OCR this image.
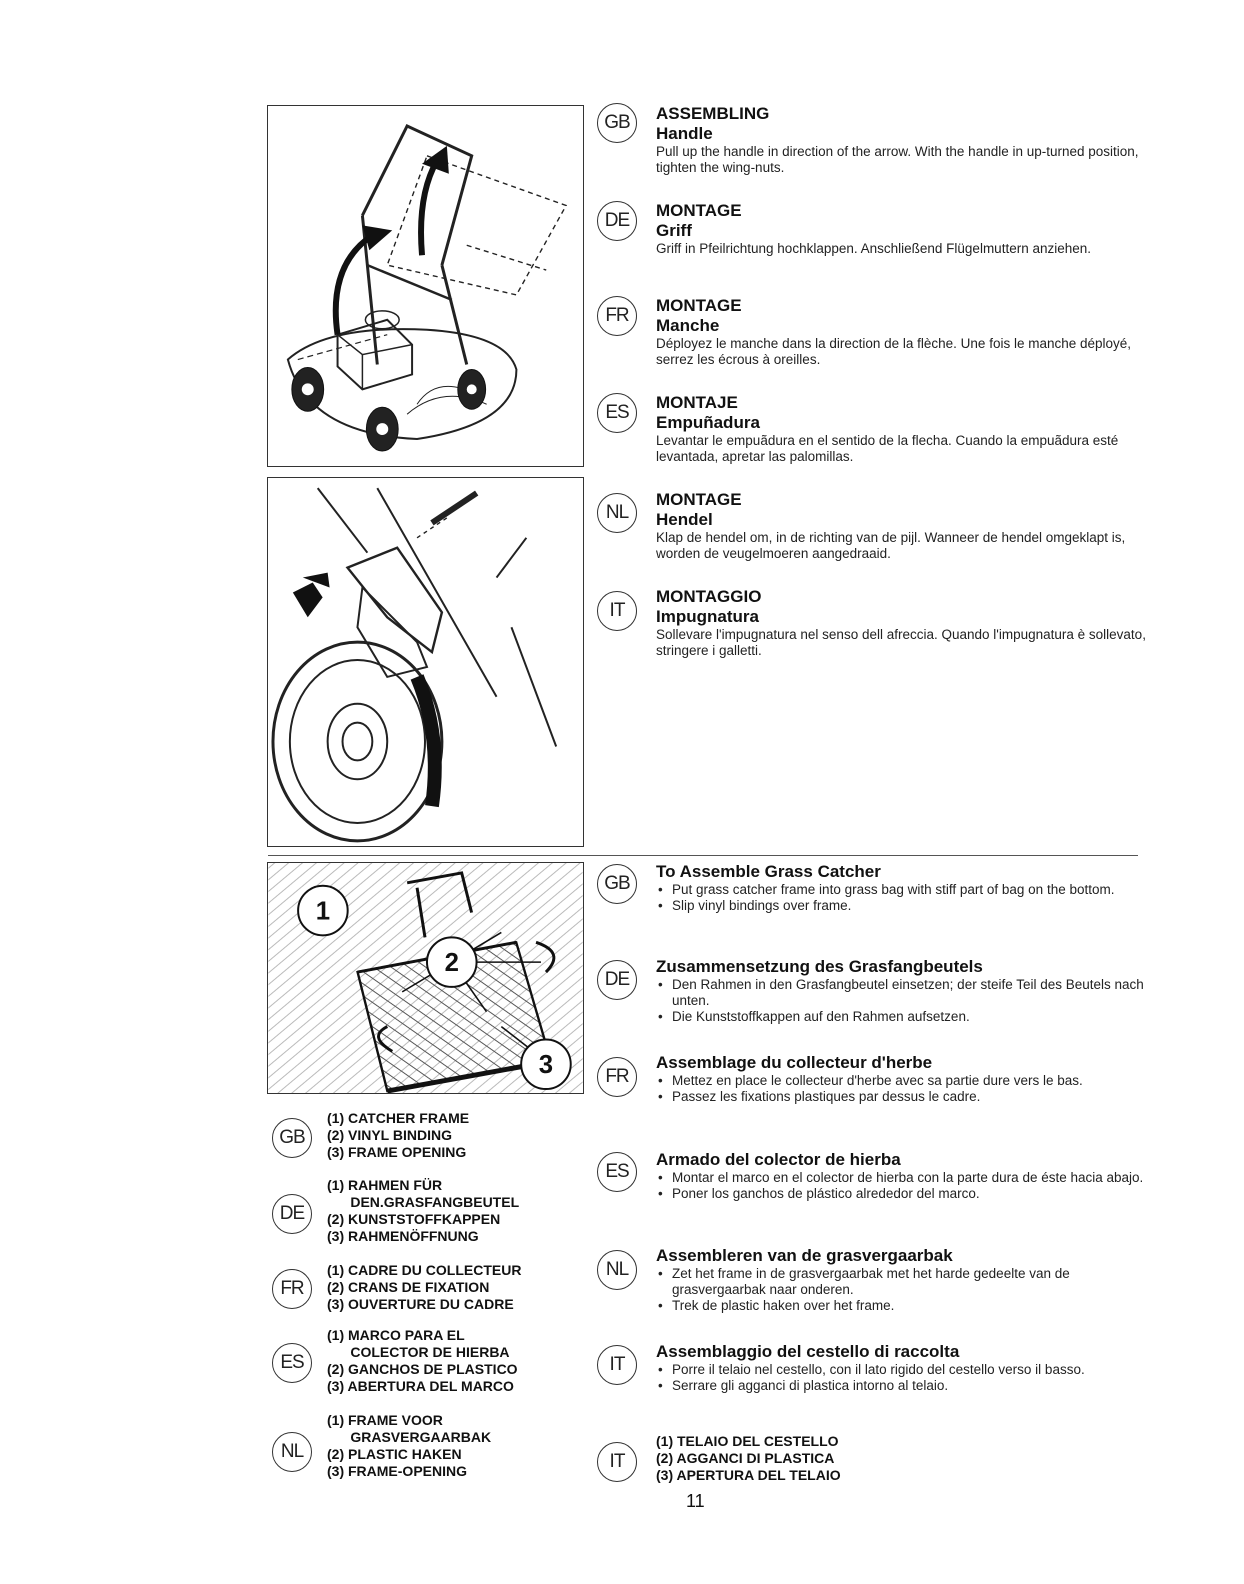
1
2
3
GB	ASSEMBLING
Handle
Pull up the handle in direction of the arrow. With the handle in up-turned position, tighten the wing-nuts.
DE	MONTAGE
Griff
Griff in Pfeilrichtung hochklappen. Anschließend Flügelmuttern anziehen.
FR	MONTAGE
Manche
Déployez le manche dans la direction de la flèche. Une fois le manche déployé, serrez les écrous à oreilles.
ES	MONTAJE
Empuñadura
Levantar le empuãdura en el sentido de la flecha. Cuando la empuãdura esté levantada, apretar las palomillas.
NL
MONTAGE
Hendel
Klap de hendel om, in de richting van de pijl. Wanneer de hendel omgeklapt is, worden de veugelmoeren aangedraaid.
IT
MONTAGGIO
Impugnatura
Sollevare l'impugnatura nel senso dell afreccia. Quando l'impugnatura è sollevato, stringere i galletti.
GB
To Assemble Grass Catcher
• Put grass catcher frame into grass bag with stiff part of bag on the bottom.
• Slip vinyl bindings over frame.
DE
Zusammensetzung des Grasfangbeutels
• Den Rahmen in den Grasfangbeutel einsetzen; der steife Teil des Beutels nach unten.
• Die Kunststoffkappen auf den Rahmen aufsetzen.
FR
Assemblage du collecteur d'herbe
• Mettez en place le collecteur d'herbe avec sa partie dure vers le bas.
• Passez les fixations plastiques par dessus le cadre.
ES
Armado del colector de hierba
• Montar el marco en el colector de hierba con la parte dura de éste hacia abajo.
• Poner los ganchos de plástico alrededor del marco.
NL
Assembleren van de grasvergaarbak
• Zet het frame in de grasvergaarbak met het harde gedeelte van de grasvergaarbak naar onderen.
• Trek de plastic haken over het frame.
IT
Assemblaggio del cestello di raccolta
• Porre il telaio nel cestello, con il lato rigido del cestello verso il basso.
• Serrare gli agganci di plastica intorno al telaio.
IT
(1) TELAIO DEL CESTELLO
(2) AGGANCI DI PLASTICA
(3) APERTURA DEL TELAIO
GB
(1) CATCHER FRAME
(2) VINYL BINDING
(3) FRAME OPENING
DE
(1) RAHMEN FÜR
DEN.GRASFANGBEUTEL
(2) KUNSTSTOFFKAPPEN
(3) RAHMENÖFFNUNG
FR
(1) CADRE DU COLLECTEUR
(2) CRANS DE FIXATION
(3) OUVERTURE DU CADRE
ES
(1) MARCO PARA EL
COLECTOR DE HIERBA
(2) GANCHOS DE PLASTICO
(3) ABERTURA DEL MARCO
NL
(1) FRAME VOOR
GRASVERGAARBAK
(2) PLASTIC HAKEN
(3) FRAME-OPENING
11
